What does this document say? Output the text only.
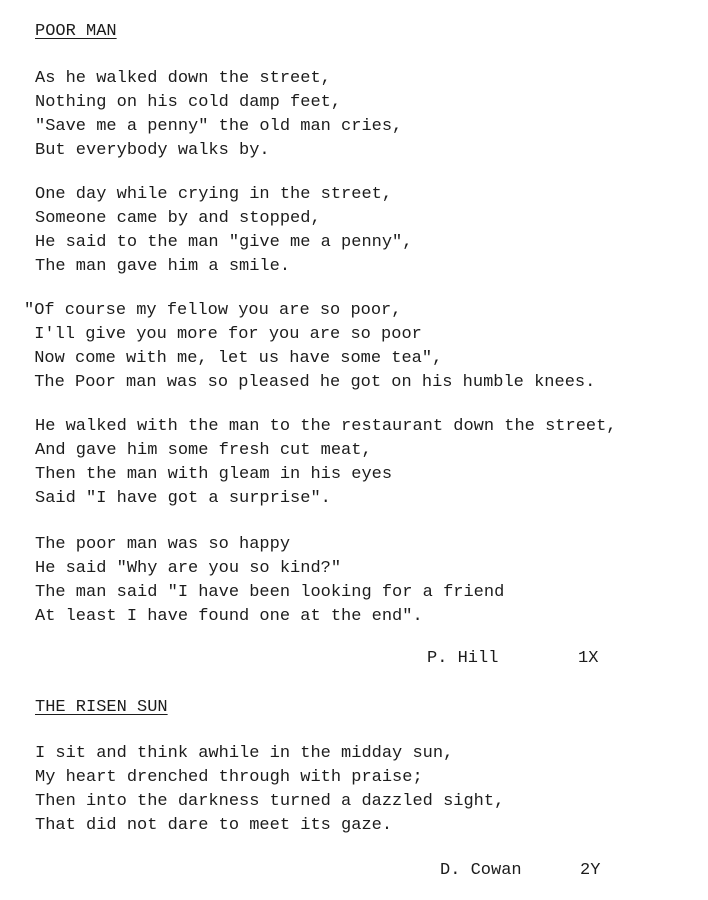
POOR MAN
As he walked down the street,
Nothing on his cold damp feet,
"Save me a penny" the old man cries,
But everybody walks by.
One day while crying in the street,
Someone came by and stopped,
He said to the man "give me a penny",
The man gave him a smile.
"Of course my fellow you are so poor,
I'll give you more for you are so poor
Now come with me, let us have some tea",
The Poor man was so pleased he got on his humble knees.
He walked with the man to the restaurant down the street,
And gave him some fresh cut meat,
Then the man with gleam in his eyes
Said "I have got a surprise".
The poor man was so happy
He said "Why are you so kind?"
The man said "I have been looking for a friend
At least I have found one at the end".
P. Hill	1X
THE RISEN SUN
I sit and think awhile in the midday sun,
My heart drenched through with praise;
Then into the darkness turned a dazzled sight,
That did not dare to meet its gaze.
D. Cowan	2Y
